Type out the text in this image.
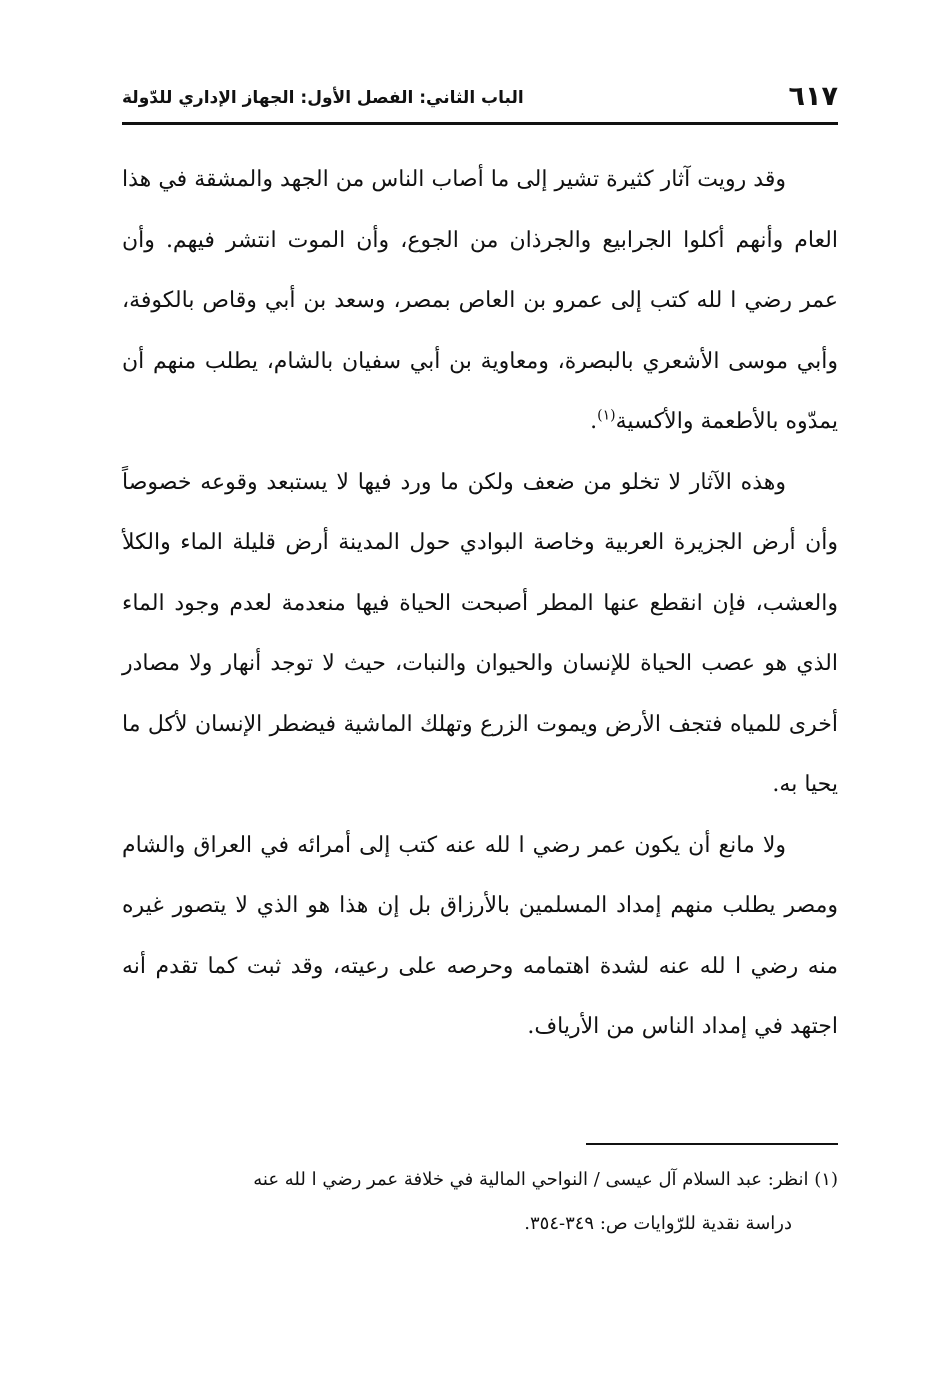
٦١٧
الباب الثاني: الفصل الأول: الجهاز الإداري للدّولة

وقد رويت آثار كثيرة تشير إلى ما أصاب الناس من الجهد والمشقة في هذا العام وأنهم أكلوا الجرابيع والجرذان من الجوع، وأن الموت انتشر فيهم. وأن عمر رضي ا لله كتب إلى عمرو بن العاص بمصر، وسعد بن أبي وقاص بالكوفة، وأبي موسى الأشعري بالبصرة، ومعاوية بن أبي سفيان بالشام، يطلب منهم أن يمدّوه بالأطعمة والأكسية$^{(١)}$.

وهذه الآثار لا تخلو من ضعف ولكن ما ورد فيها لا يستبعد وقوعه خصوصاً وأن أرض الجزيرة العربية وخاصة البوادي حول المدينة أرض قليلة الماء والكلأ والعشب، فإن انقطع عنها المطر أصبحت الحياة فيها منعدمة لعدم وجود الماء الذي هو عصب الحياة للإنسان والحيوان والنبات، حيث لا توجد أنهار ولا مصادر أخرى للمياه فتجف الأرض ويموت الزرع وتهلك الماشية فيضطر الإنسان لأكل ما يحيا به.

ولا مانع أن يكون عمر رضي ا لله عنه كتب إلى أمرائه في العراق والشام ومصر يطلب منهم إمداد المسلمين بالأرزاق بل إن هذا هو الذي لا يتصور غيره منه رضي ا لله عنه لشدة اهتمامه وحرصه على رعيته، وقد ثبت كما تقدم أنه اجتهد في إمداد الناس من الأرياف.

(١) انظر: عبد السلام آل عيسى / النواحي المالية في خلافة عمر رضي ا لله عنه
دراسة نقدية للرّوايات ص: ٣٤٩-٣٥٤.
